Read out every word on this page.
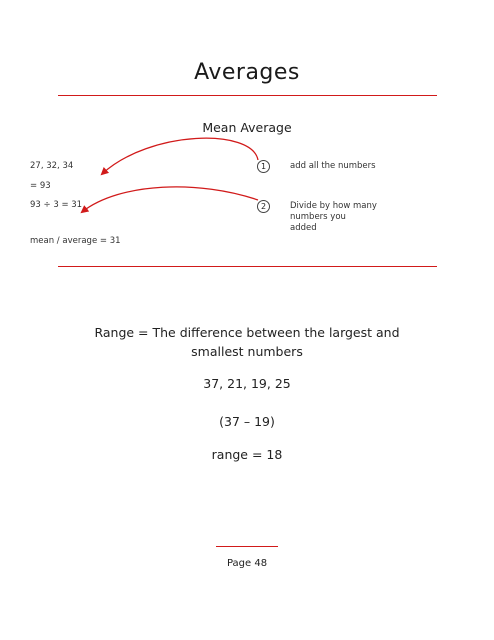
Averages
Mean Average
27, 32, 34
= 93
93 ÷ 3 = 31
mean / average = 31
1	add all the numbers
2	Divide by how many
numbers you
added
Range = The difference between the largest and
smallest numbers
37, 21, 19, 25
(37 – 19)
range = 18
Page 48
